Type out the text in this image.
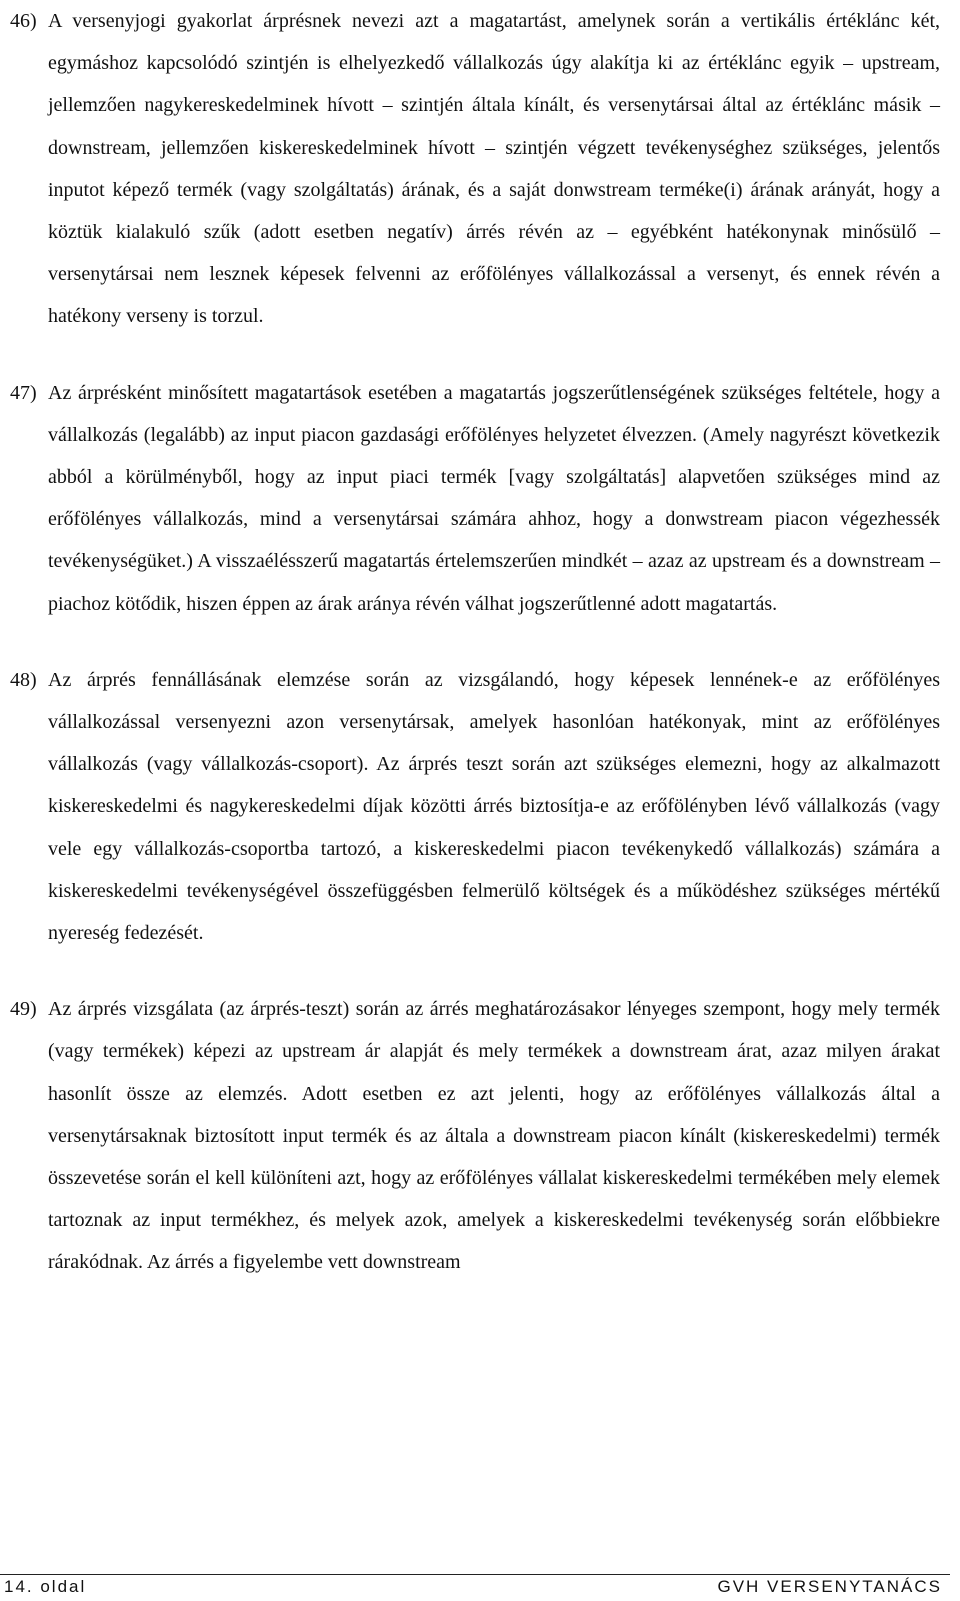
46) A versenyjogi gyakorlat árprésnek nevezi azt a magatartást, amelynek során a vertikális értéklánc két, egymáshoz kapcsolódó szintjén is elhelyezkedő vállalkozás úgy alakítja ki az értéklánc egyik – upstream, jellemzően nagykereskedelminek hívott – szintjén általa kínált, és versenytársai által az értéklánc másik – downstream, jellemzően kiskereskedelminek hívott – szintjén végzett tevékenységhez szükséges, jelentős inputot képező termék (vagy szolgáltatás) árának, és a saját donwstream terméke(i) árának arányát, hogy a köztük kialakuló szűk (adott esetben negatív) árrés révén az – egyébként hatékonynak minősülő – versenytársai nem lesznek képesek felvenni az erőfölényes vállalkozással a versenyt, és ennek révén a hatékony verseny is torzul.
47) Az árprésként minősített magatartások esetében a magatartás jogszerűtlenségének szükséges feltétele, hogy a vállalkozás (legalább) az input piacon gazdasági erőfölényes helyzetet élvezzen. (Amely nagyrészt következik abból a körülményből, hogy az input piaci termék [vagy szolgáltatás] alapvetően szükséges mind az erőfölényes vállalkozás, mind a versenytársai számára ahhoz, hogy a donwstream piacon végezhessék tevékenységüket.) A visszaélésszerű magatartás értelemszerűen mindkét – azaz az upstream és a downstream – piachoz kötődik, hiszen éppen az árak aránya révén válhat jogszerűtlenné adott magatartás.
48) Az árprés fennállásának elemzése során az vizsgálandó, hogy képesek lennének-e az erőfölényes vállalkozással versenyezni azon versenytársak, amelyek hasonlóan hatékonyak, mint az erőfölényes vállalkozás (vagy vállalkozás-csoport). Az árprés teszt során azt szükséges elemezni, hogy az alkalmazott kiskereskedelmi és nagykereskedelmi díjak közötti árrés biztosítja-e az erőfölényben lévő vállalkozás (vagy vele egy vállalkozás-csoportba tartozó, a kiskereskedelmi piacon tevékenykedő vállalkozás) számára a kiskereskedelmi tevékenységével összefüggésben felmerülő költségek és a működéshez szükséges mértékű nyereség fedezését.
49) Az árprés vizsgálata (az árprés-teszt) során az árrés meghatározásakor lényeges szempont, hogy mely termék (vagy termékek) képezi az upstream ár alapját és mely termékek a downstream árat, azaz milyen árakat hasonlít össze az elemzés. Adott esetben ez azt jelenti, hogy az erőfölényes vállalkozás által a versenytársaknak biztosított input termék és az általa a downstream piacon kínált (kiskereskedelmi) termék összevetése során el kell különíteni azt, hogy az erőfölényes vállalat kiskereskedelmi termékében mely elemek tartoznak az input termékhez, és melyek azok, amelyek a kiskereskedelmi tevékenység során előbbiekre rárakódnak. Az árrés a figyelembe vett downstream
14. oldal	GVH VERSENYTANÁCS
